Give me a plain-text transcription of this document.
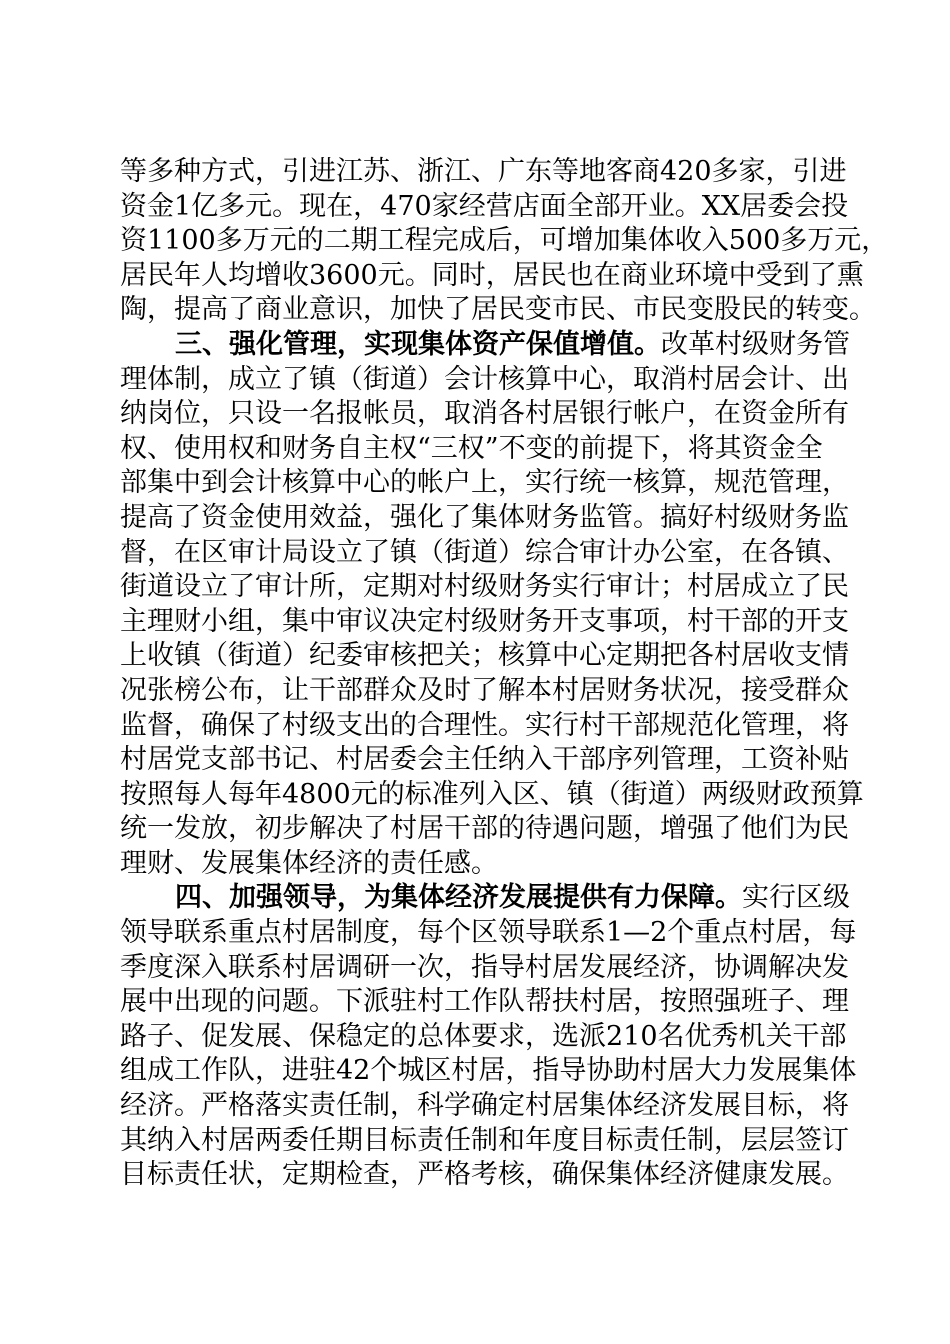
等多种方式，引进江苏、浙江、广东等地客商420多家，引进
资金1亿多元。现在，470家经营店面全部开业。XX居委会投
资1100多万元的二期工程完成后，可增加集体收入500多万元，
居民年人均增收3600元。同时，居民也在商业环境中受到了熏
陶，提高了商业意识，加快了居民变市民、市民变股民的转变。
三、强化管理，实现集体资产保值增值。改革村级财务管
理体制，成立了镇（街道）会计核算中心，取消村居会计、出
纳岗位，只设一名报帐员，取消各村居银行帐户，在资金所有
权、使用权和财务自主权“三权”不变的前提下，将其资金全
部集中到会计核算中心的帐户上，实行统一核算，规范管理，
提高了资金使用效益，强化了集体财务监管。搞好村级财务监
督，在区审计局设立了镇（街道）综合审计办公室，在各镇、
街道设立了审计所，定期对村级财务实行审计；村居成立了民
主理财小组，集中审议决定村级财务开支事项，村干部的开支
上收镇（街道）纪委审核把关；核算中心定期把各村居收支情
况张榜公布，让干部群众及时了解本村居财务状况，接受群众
监督，确保了村级支出的合理性。实行村干部规范化管理，将
村居党支部书记、村居委会主任纳入干部序列管理，工资补贴
按照每人每年4800元的标准列入区、镇（街道）两级财政预算
统一发放，初步解决了村居干部的待遇问题，增强了他们为民
理财、发展集体经济的责任感。
四、加强领导，为集体经济发展提供有力保障。实行区级
领导联系重点村居制度，每个区领导联系1—2个重点村居，每
季度深入联系村居调研一次，指导村居发展经济，协调解决发
展中出现的问题。下派驻村工作队帮扶村居，按照强班子、理
路子、促发展、保稳定的总体要求，选派210名优秀机关干部
组成工作队，进驻42个城区村居，指导协助村居大力发展集体
经济。严格落实责任制，科学确定村居集体经济发展目标，将
其纳入村居两委任期目标责任制和年度目标责任制，层层签订
目标责任状，定期检查，严格考核，确保集体经济健康发展。
